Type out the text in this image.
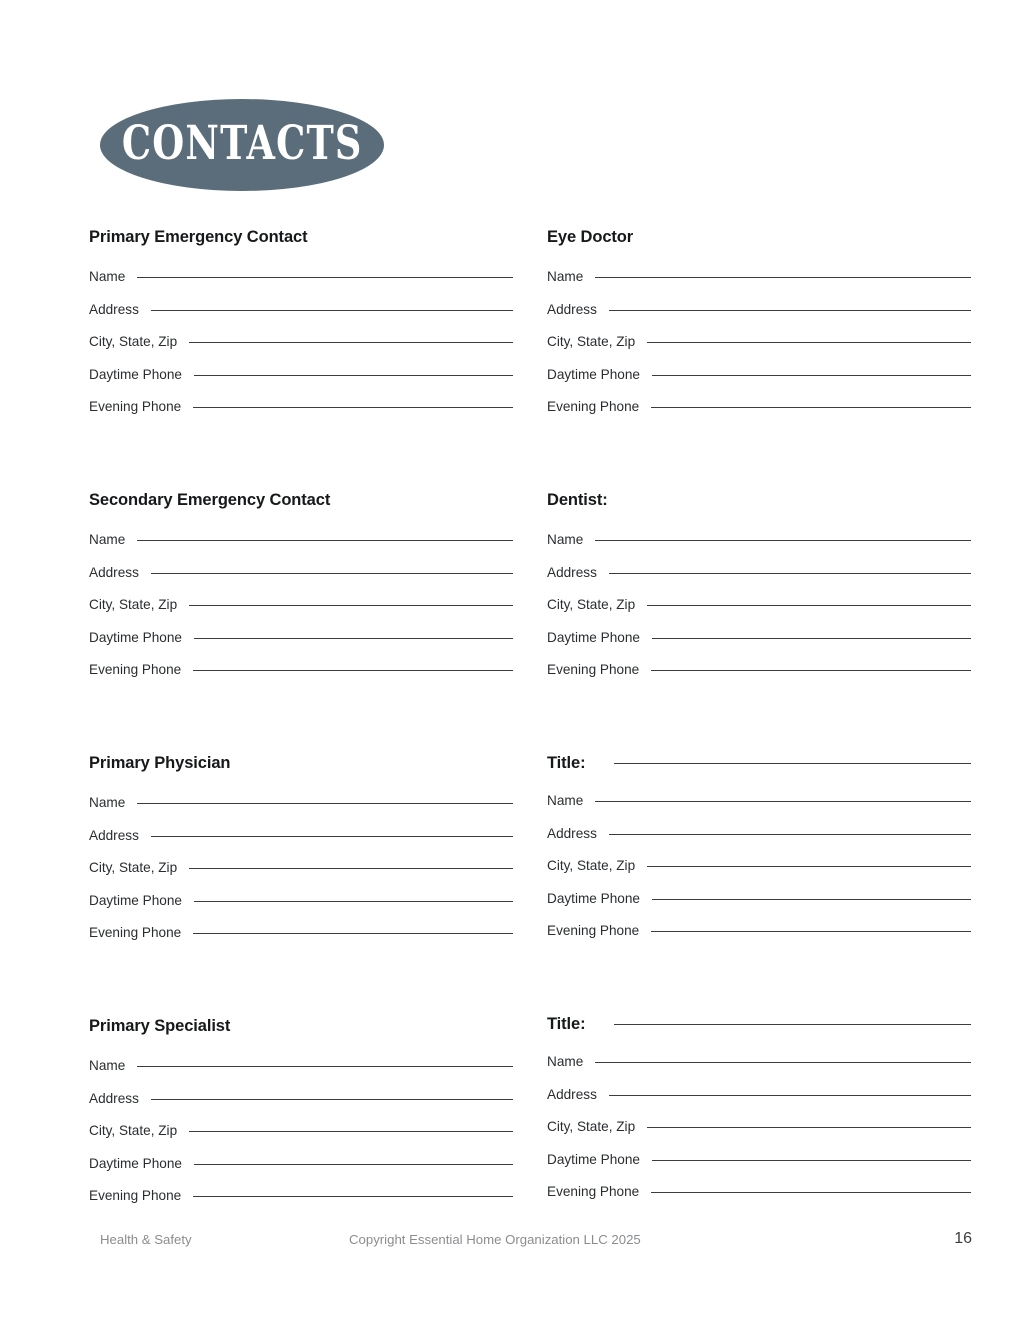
CONTACTS
Primary Emergency Contact
Name
Address
City, State, Zip
Daytime Phone
Evening Phone
Secondary Emergency Contact
Name
Address
City, State, Zip
Daytime Phone
Evening Phone
Primary Physician
Name
Address
City, State, Zip
Daytime Phone
Evening Phone
Primary Specialist
Name
Address
City, State, Zip
Daytime Phone
Evening Phone
Eye Doctor
Name
Address
City, State, Zip
Daytime Phone
Evening Phone
Dentist:
Name
Address
City, State, Zip
Daytime Phone
Evening Phone
Title:
Name
Address
City, State, Zip
Daytime Phone
Evening Phone
Title:
Name
Address
City, State, Zip
Daytime Phone
Evening Phone
Health & Safety	Copyright Essential Home Organization LLC 2025	16
